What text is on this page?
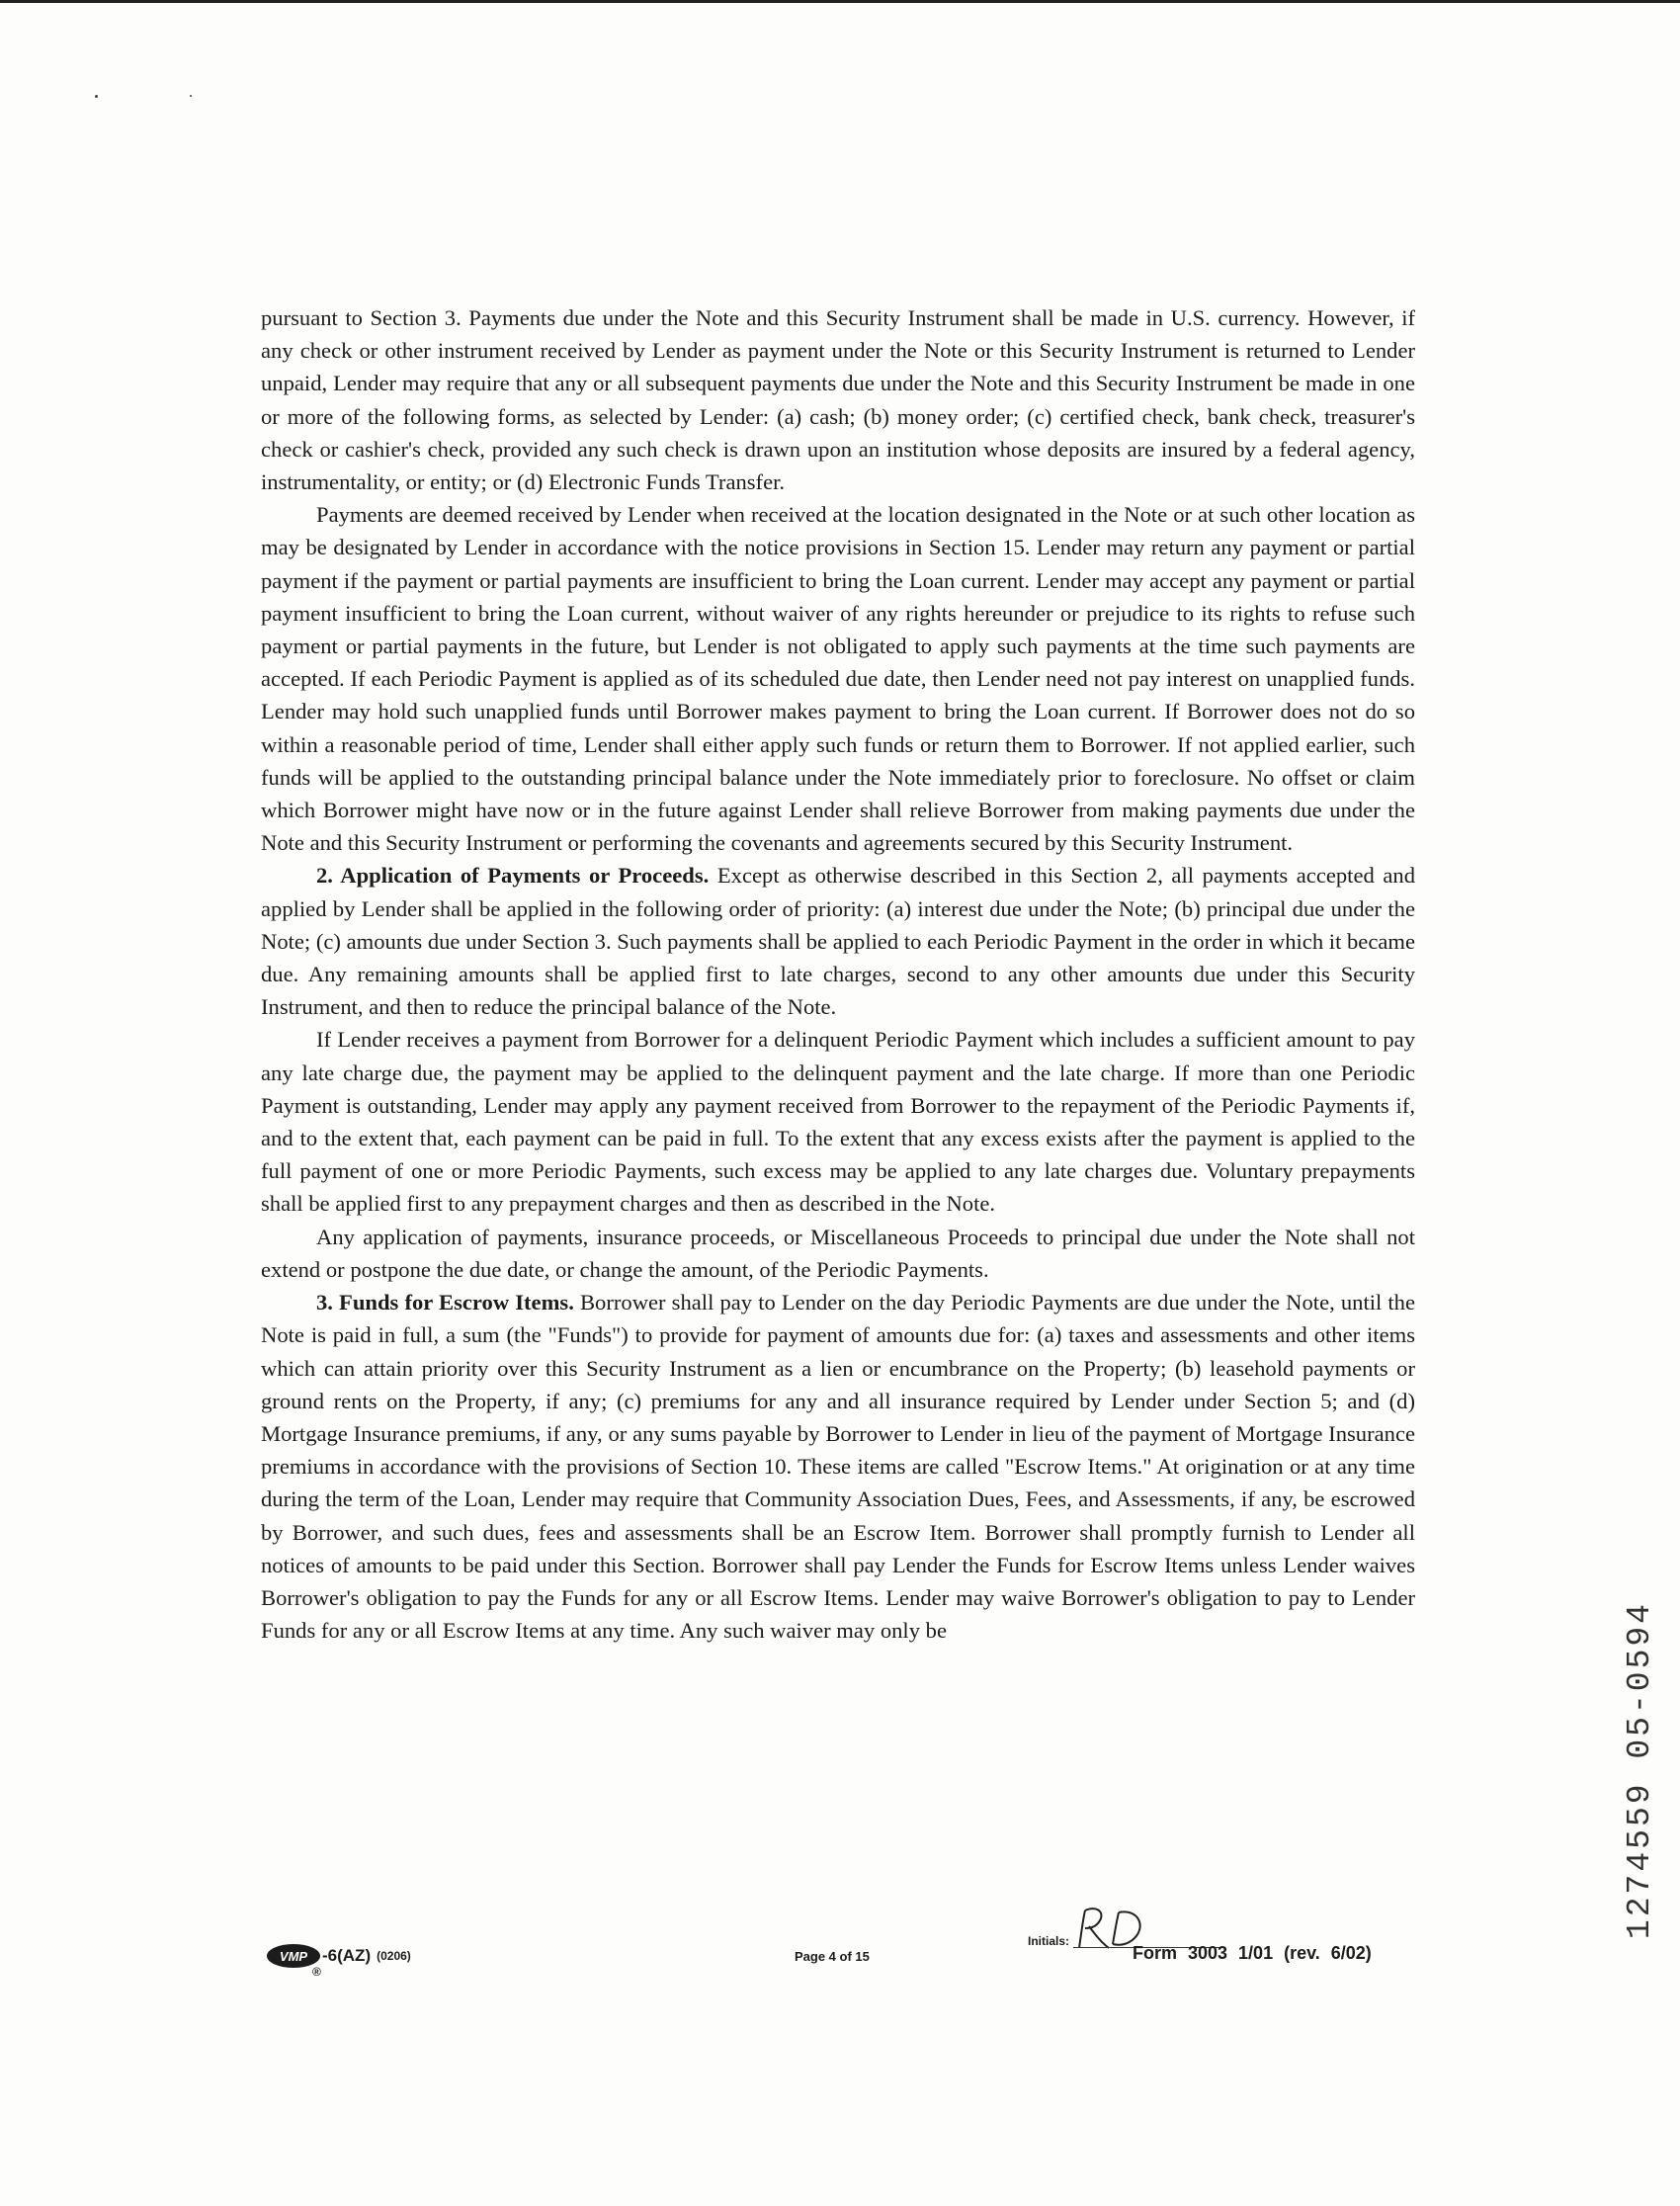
pursuant to Section 3. Payments due under the Note and this Security Instrument shall be made in U.S. currency. However, if any check or other instrument received by Lender as payment under the Note or this Security Instrument is returned to Lender unpaid, Lender may require that any or all subsequent payments due under the Note and this Security Instrument be made in one or more of the following forms, as selected by Lender: (a) cash; (b) money order; (c) certified check, bank check, treasurer's check or cashier's check, provided any such check is drawn upon an institution whose deposits are insured by a federal agency, instrumentality, or entity; or (d) Electronic Funds Transfer.

Payments are deemed received by Lender when received at the location designated in the Note or at such other location as may be designated by Lender in accordance with the notice provisions in Section 15. Lender may return any payment or partial payment if the payment or partial payments are insufficient to bring the Loan current. Lender may accept any payment or partial payment insufficient to bring the Loan current, without waiver of any rights hereunder or prejudice to its rights to refuse such payment or partial payments in the future, but Lender is not obligated to apply such payments at the time such payments are accepted. If each Periodic Payment is applied as of its scheduled due date, then Lender need not pay interest on unapplied funds. Lender may hold such unapplied funds until Borrower makes payment to bring the Loan current. If Borrower does not do so within a reasonable period of time, Lender shall either apply such funds or return them to Borrower. If not applied earlier, such funds will be applied to the outstanding principal balance under the Note immediately prior to foreclosure. No offset or claim which Borrower might have now or in the future against Lender shall relieve Borrower from making payments due under the Note and this Security Instrument or performing the covenants and agreements secured by this Security Instrument.

2. Application of Payments or Proceeds. Except as otherwise described in this Section 2, all payments accepted and applied by Lender shall be applied in the following order of priority: (a) interest due under the Note; (b) principal due under the Note; (c) amounts due under Section 3. Such payments shall be applied to each Periodic Payment in the order in which it became due. Any remaining amounts shall be applied first to late charges, second to any other amounts due under this Security Instrument, and then to reduce the principal balance of the Note.

If Lender receives a payment from Borrower for a delinquent Periodic Payment which includes a sufficient amount to pay any late charge due, the payment may be applied to the delinquent payment and the late charge. If more than one Periodic Payment is outstanding, Lender may apply any payment received from Borrower to the repayment of the Periodic Payments if, and to the extent that, each payment can be paid in full. To the extent that any excess exists after the payment is applied to the full payment of one or more Periodic Payments, such excess may be applied to any late charges due. Voluntary prepayments shall be applied first to any prepayment charges and then as described in the Note.

Any application of payments, insurance proceeds, or Miscellaneous Proceeds to principal due under the Note shall not extend or postpone the due date, or change the amount, of the Periodic Payments.

3. Funds for Escrow Items. Borrower shall pay to Lender on the day Periodic Payments are due under the Note, until the Note is paid in full, a sum (the "Funds") to provide for payment of amounts due for: (a) taxes and assessments and other items which can attain priority over this Security Instrument as a lien or encumbrance on the Property; (b) leasehold payments or ground rents on the Property, if any; (c) premiums for any and all insurance required by Lender under Section 5; and (d) Mortgage Insurance premiums, if any, or any sums payable by Borrower to Lender in lieu of the payment of Mortgage Insurance premiums in accordance with the provisions of Section 10. These items are called "Escrow Items." At origination or at any time during the term of the Loan, Lender may require that Community Association Dues, Fees, and Assessments, if any, be escrowed by Borrower, and such dues, fees and assessments shall be an Escrow Item. Borrower shall promptly furnish to Lender all notices of amounts to be paid under this Section. Borrower shall pay Lender the Funds for Escrow Items unless Lender waives Borrower's obligation to pay the Funds for any or all Escrow Items. Lender may waive Borrower's obligation to pay to Lender Funds for any or all Escrow Items at any time. Any such waiver may only be

VMP
®
-6(AZ) (0206)	Page 4 of 15
Initials:
Form 3003 1/01 (rev. 6/02)
1274559 05-0594
